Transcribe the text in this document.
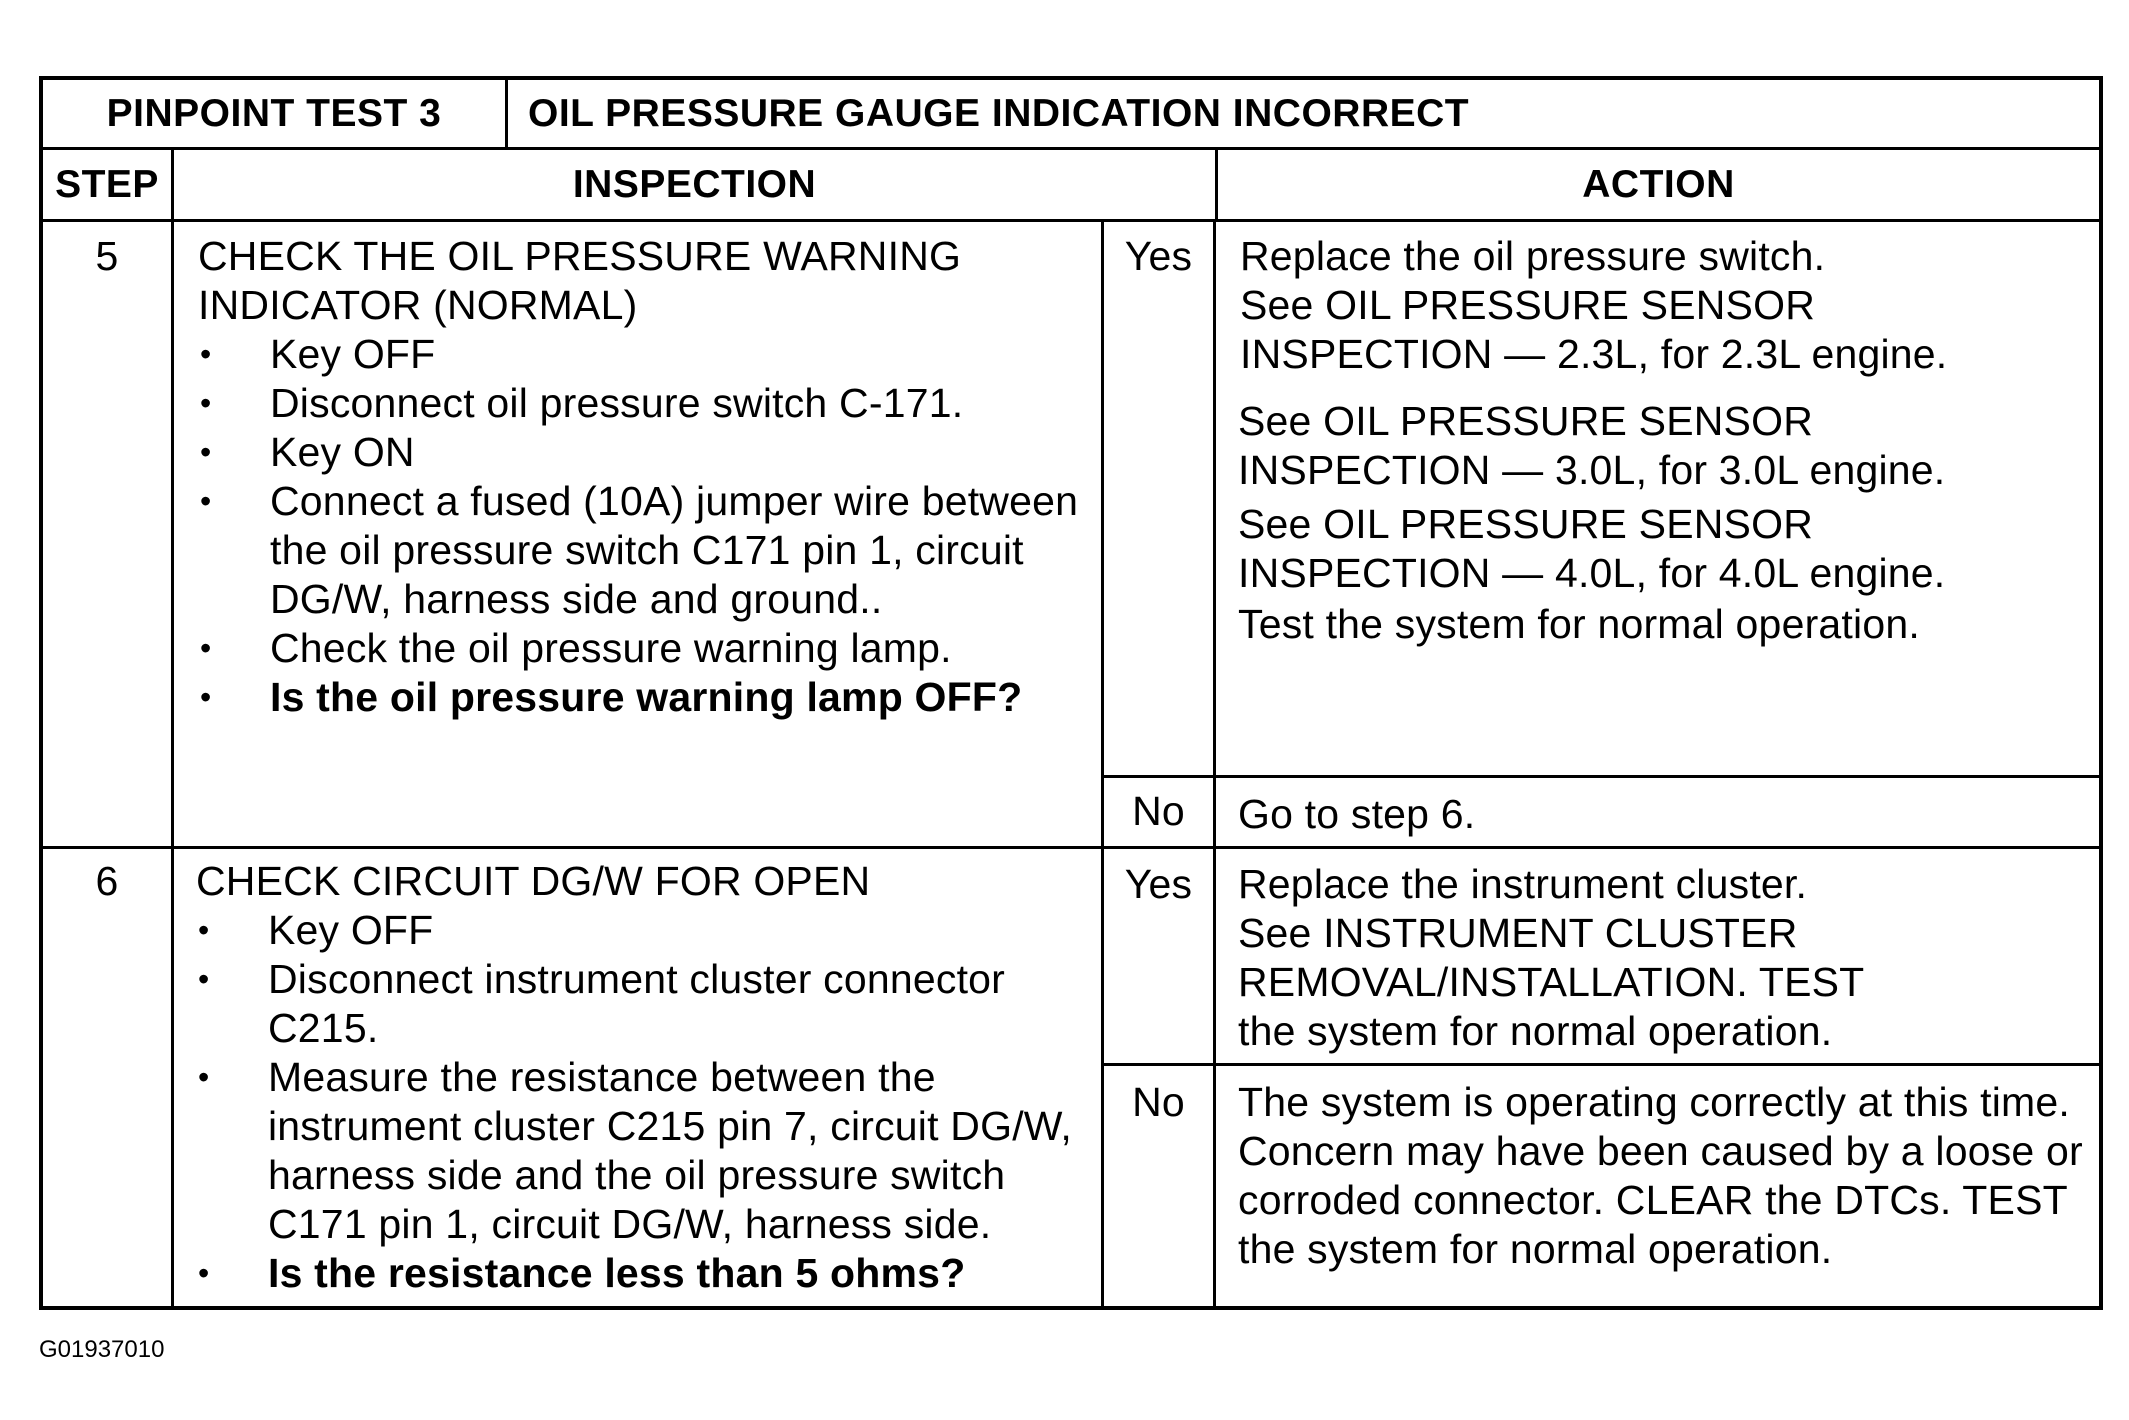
PINPOINT TEST 3	OIL PRESSURE GAUGE INDICATION INCORRECT
STEP	INSPECTION	ACTION
5	CHECK THE OIL PRESSURE WARNING
INDICATOR (NORMAL)
• Key OFF
• Disconnect oil pressure switch C-171.
• Key ON
• Connect a fused (10A) jumper wire between
the oil pressure switch C171 pin 1, circuit
DG/W, harness side and ground..
• Check the oil pressure warning lamp.
• Is the oil pressure warning lamp OFF?
Yes	Replace the oil pressure switch.
See OIL PRESSURE SENSOR
INSPECTION — 2.3L, for 2.3L engine.
See OIL PRESSURE SENSOR
INSPECTION — 3.0L, for 3.0L engine.
See OIL PRESSURE SENSOR
INSPECTION — 4.0L, for 4.0L engine.
Test the system for normal operation.
No	Go to step 6.
6	CHECK CIRCUIT DG/W FOR OPEN
• Key OFF
• Disconnect instrument cluster connector
C215.
• Measure the resistance between the
instrument cluster C215 pin 7, circuit DG/W,
harness side and the oil pressure switch
C171 pin 1, circuit DG/W, harness side.
• Is the resistance less than 5 ohms?
Yes	Replace the instrument cluster.
See INSTRUMENT CLUSTER
REMOVAL/INSTALLATION. TEST
the system for normal operation.
No	The system is operating correctly at this time.
Concern may have been caused by a loose or
corroded connector. CLEAR the DTCs. TEST
the system for normal operation.
G01937010
